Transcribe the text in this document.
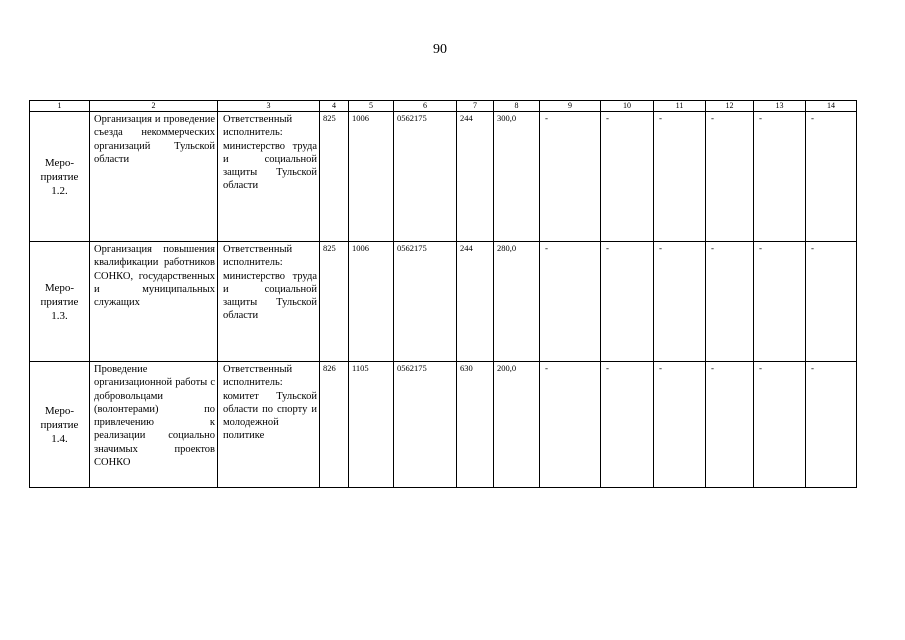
90
1	2	3	4	5	6	7	8	9	10	11	12	13	14

Меро-
приятие
1.2.	Организация и проведение съезда некоммерческих организаций Тульской области	Ответственный исполнитель: министерство труда и социальной защиты Тульской области	825	1006	0562175	244	300,0	-	-	-	-	-	-

Меро-
приятие
1.3.	Организация повышения квалификации работников СОНКО, государственных и муниципальных служащих	Ответственный исполнитель: министерство труда и социальной защиты Тульской области	825	1006	0562175	244	280,0	-	-	-	-	-	-

Меро-
приятие
1.4.	Проведение организационной работы с добровольцами (волонтерами) по привлечению к реализации социально значимых проектов СОНКО	Ответственный исполнитель: комитет Тульской области по спорту и молодежной политике	826	1105	0562175	630	200,0	-	-	-	-	-	-
